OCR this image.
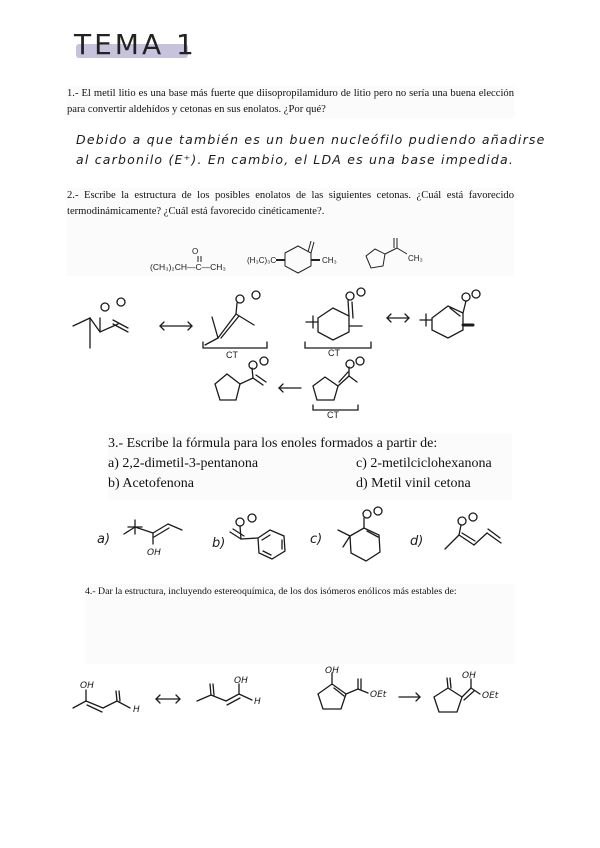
TEMA 1
1.- El metil litio es una base más fuerte que diisopropilamiduro de litio pero no sería una buena elección para convertir aldehídos y cetonas en sus enolatos. ¿Por qué?
Debido a que también es un buen nucleófilo pudiendo añadirse
al carbonilo (E⁺). En cambio, el LDA es una base impedida.
2.- Escribe la estructura de los posibles enolatos de las siguientes cetonas. ¿Cuál está favorecido termodinámicamente? ¿Cuál está favorecido cinéticamente?.
O
(CH₃)₂CH—C—CH₃
(H₃C)₃C	CH₃	CH₃
CT	CT
CT
a)	b)	c)	d)
OH
OH
H
OH
H
OH
OEt
OH
OEt
3.- Escribe la fórmula para los enoles formados a partir de:
a) 2,2-dimetil-3-pentanona	c) 2-metilciclohexanona
b) Acetofenona	d) Metil vinil cetona
4.- Dar la estructura, incluyendo estereoquímica, de los dos isómeros enólicos más estables de:
